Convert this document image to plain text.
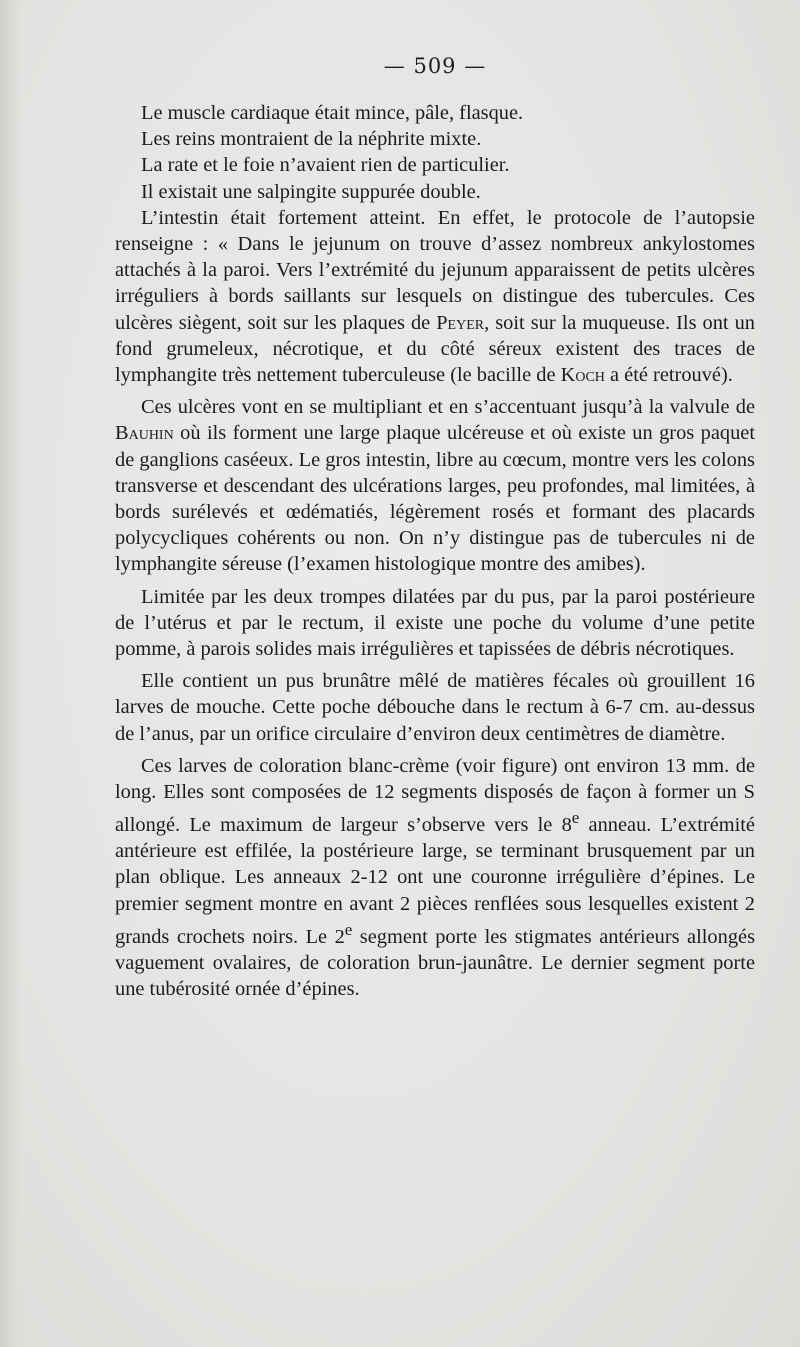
— 509 —

Le muscle cardiaque était mince, pâle, flasque.

Les reins montraient de la néphrite mixte.

La rate et le foie n’avaient rien de particulier.

Il existait une salpingite suppurée double.

L’intestin était fortement atteint. En effet, le protocole de l’autopsie renseigne : « Dans le jejunum on trouve d’assez nombreux ankylostomes attachés à la paroi. Vers l’extrémité du jejunum apparaissent de petits ulcères irréguliers à bords saillants sur lesquels on distingue des tubercules. Ces ulcères siègent, soit sur les plaques de Peyer, soit sur la muqueuse. Ils ont un fond grumeleux, nécrotique, et du côté séreux existent des traces de lymphangite très nettement tuberculeuse (le bacille de Koch a été retrouvé).

Ces ulcères vont en se multipliant et en s’accentuant jusqu’à la valvule de Bauhin où ils forment une large plaque ulcéreuse et où existe un gros paquet de ganglions caséeux. Le gros intestin, libre au cœcum, montre vers les colons transverse et descendant des ulcérations larges, peu profondes, mal limitées, à bords surélevés et œdématiés, légèrement rosés et formant des placards polycycliques cohérents ou non. On n’y distingue pas de tubercules ni de lymphangite séreuse (l’examen histologique montre des amibes).

Limitée par les deux trompes dilatées par du pus, par la paroi postérieure de l’utérus et par le rectum, il existe une poche du volume d’une petite pomme, à parois solides mais irrégulières et tapissées de débris nécrotiques.

Elle contient un pus brunâtre mêlé de matières fécales où grouillent 16 larves de mouche. Cette poche débouche dans le rectum à 6-7 cm. au-dessus de l’anus, par un orifice circulaire d’environ deux centimètres de diamètre.

Ces larves de coloration blanc-crème (voir figure) ont environ 13 mm. de long. Elles sont composées de 12 segments disposés de façon à former un S allongé. Le maximum de largeur s’observe vers le 8e anneau. L’extrémité antérieure est effilée, la postérieure large, se terminant brusquement par un plan oblique. Les anneaux 2-12 ont une couronne irrégulière d’épines. Le premier segment montre en avant 2 pièces renflées sous lesquelles existent 2 grands crochets noirs. Le 2e segment porte les stigmates antérieurs allongés vaguement ovalaires, de coloration brun-jaunâtre. Le dernier segment porte une tubérosité ornée d’épines.
